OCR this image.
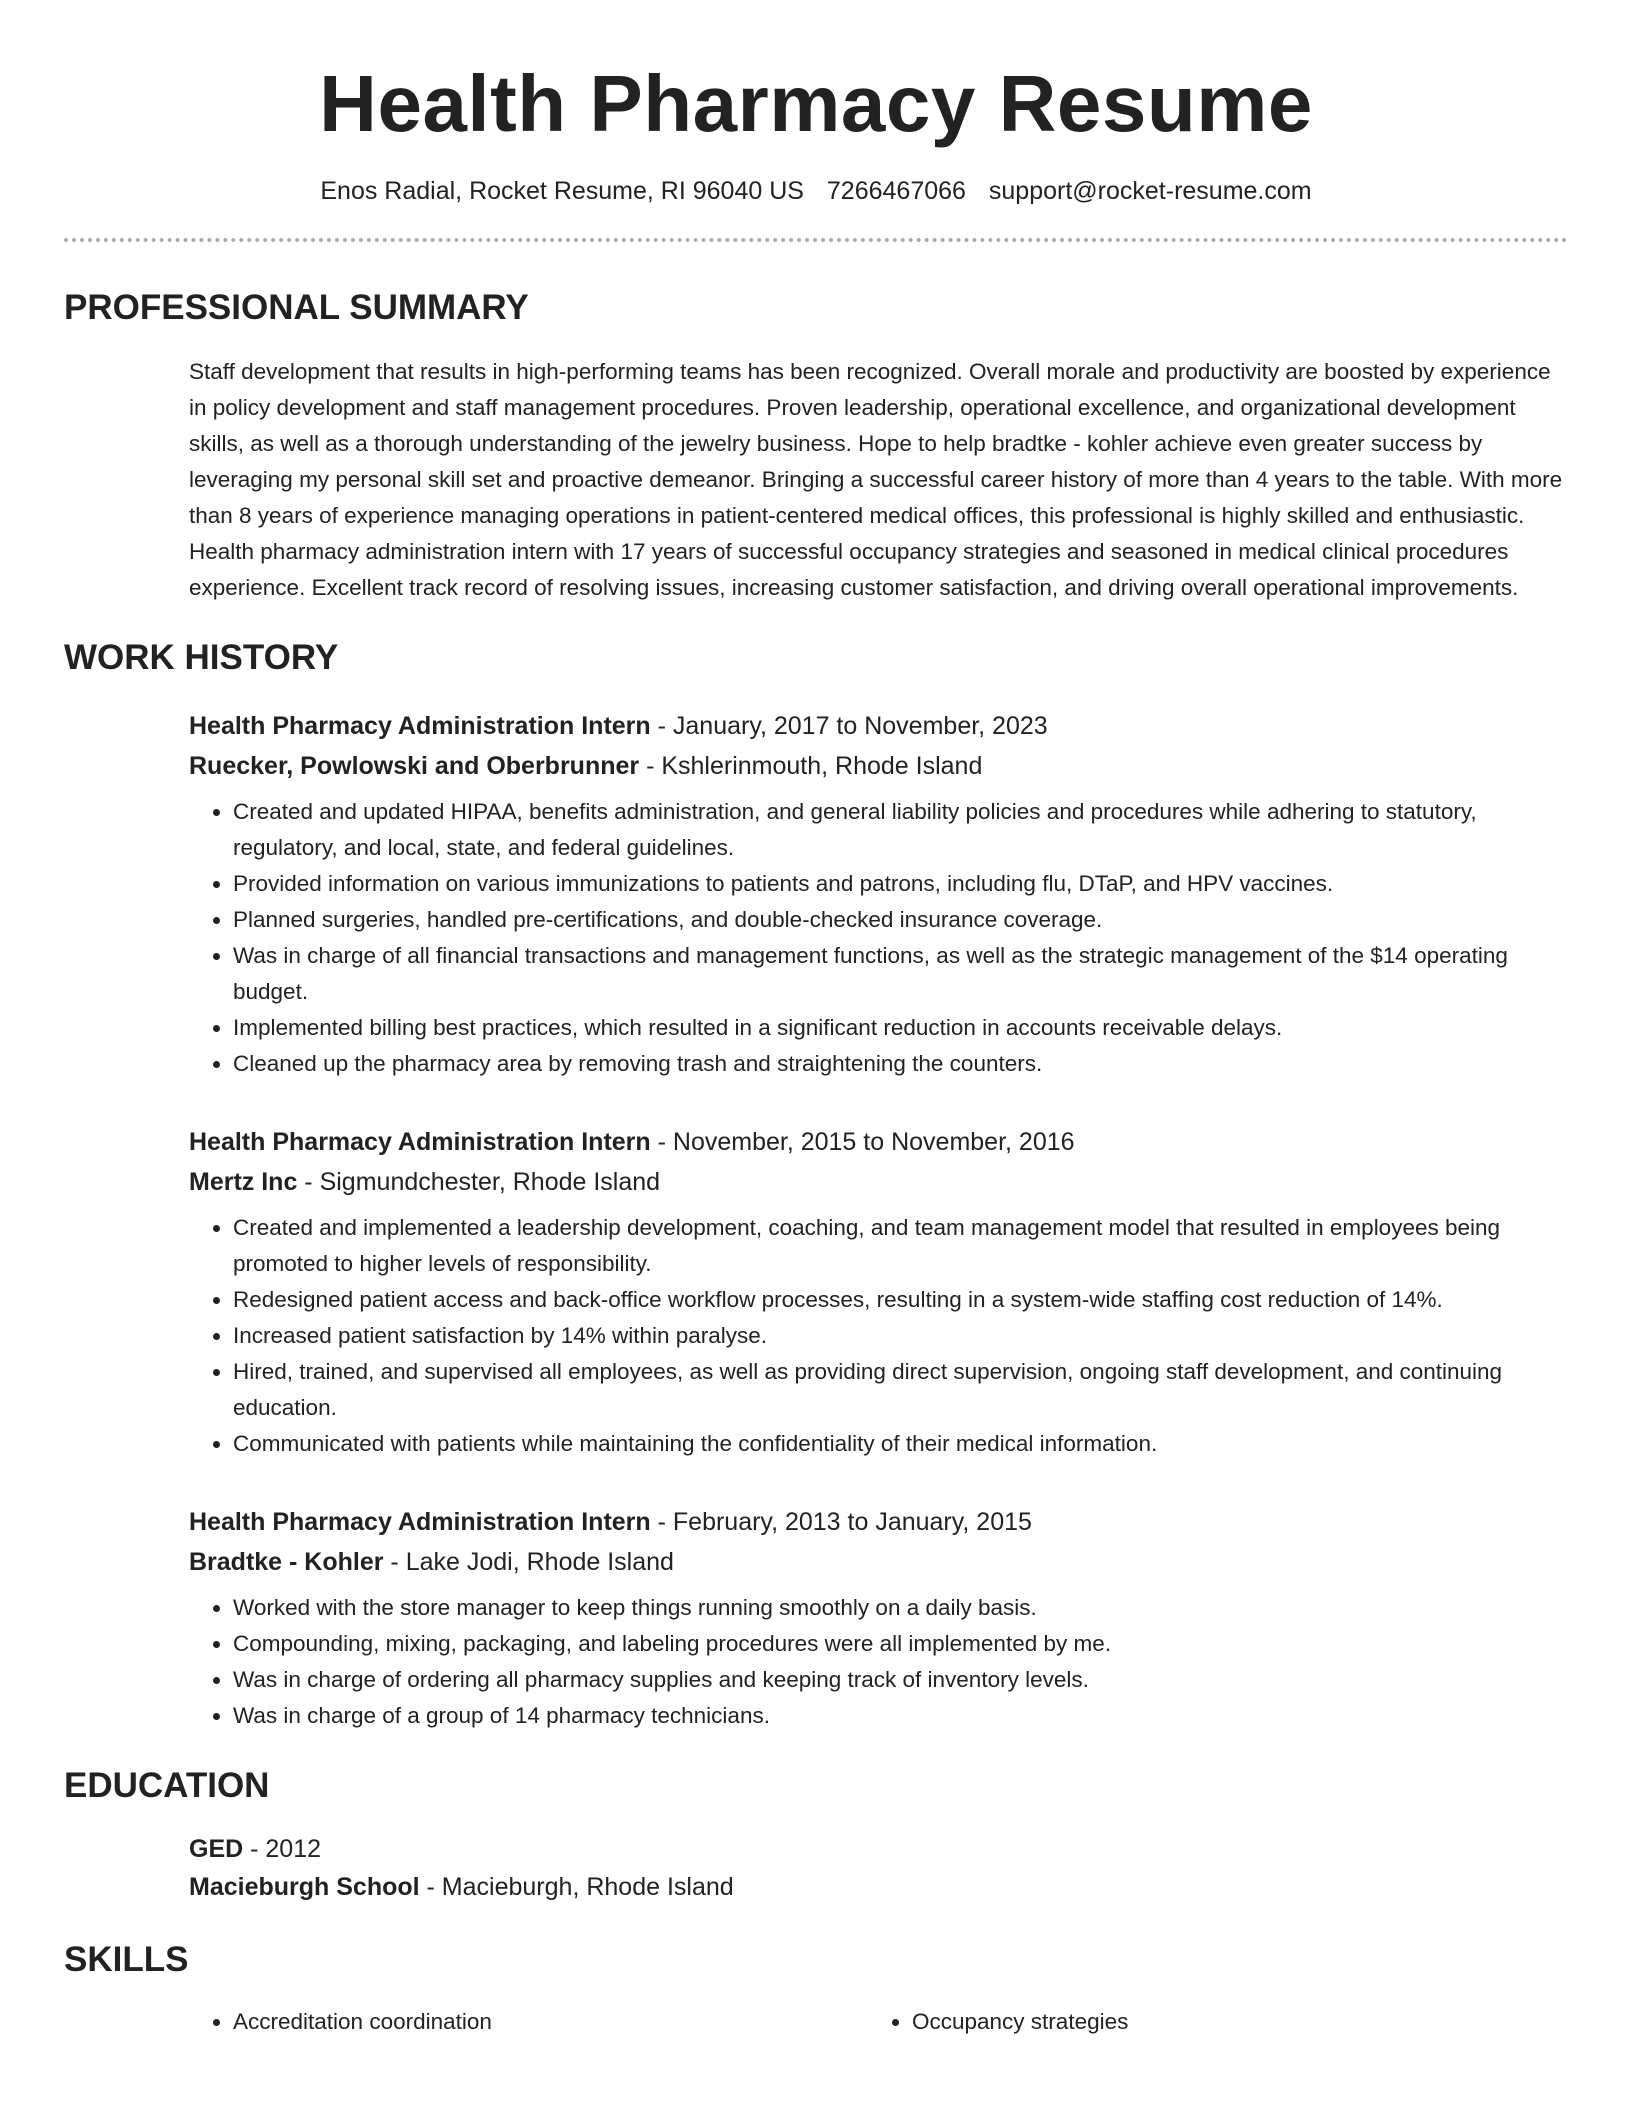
Health Pharmacy Resume
Enos Radial, Rocket Resume, RI 96040 US 7266467066 support@rocket-resume.com
PROFESSIONAL SUMMARY

Staff development that results in high-performing teams has been recognized. Overall morale and productivity are boosted by experience in policy development and staff management procedures. Proven leadership, operational excellence, and organizational development skills, as well as a thorough understanding of the jewelry business. Hope to help bradtke - kohler achieve even greater success by leveraging my personal skill set and proactive demeanor. Bringing a successful career history of more than 4 years to the table. With more than 8 years of experience managing operations in patient-centered medical offices, this professional is highly skilled and enthusiastic. Health pharmacy administration intern with 17 years of successful occupancy strategies and seasoned in medical clinical procedures experience. Excellent track record of resolving issues, increasing customer satisfaction, and driving overall operational improvements.

WORK HISTORY
Health Pharmacy Administration Intern - January, 2017 to November, 2023
Ruecker, Powlowski and Oberbrunner - Kshlerinmouth, Rhode Island
• Created and updated HIPAA, benefits administration, and general liability policies and procedures while adhering to statutory, regulatory, and local, state, and federal guidelines.
• Provided information on various immunizations to patients and patrons, including flu, DTaP, and HPV vaccines.
• Planned surgeries, handled pre-certifications, and double-checked insurance coverage.
• Was in charge of all financial transactions and management functions, as well as the strategic management of the $14 operating budget.
• Implemented billing best practices, which resulted in a significant reduction in accounts receivable delays.
• Cleaned up the pharmacy area by removing trash and straightening the counters.
Health Pharmacy Administration Intern - November, 2015 to November, 2016
Mertz Inc - Sigmundchester, Rhode Island
• Created and implemented a leadership development, coaching, and team management model that resulted in employees being promoted to higher levels of responsibility.
• Redesigned patient access and back-office workflow processes, resulting in a system-wide staffing cost reduction of 14%.
• Increased patient satisfaction by 14% within paralyse.
• Hired, trained, and supervised all employees, as well as providing direct supervision, ongoing staff development, and continuing education.
• Communicated with patients while maintaining the confidentiality of their medical information.
Health Pharmacy Administration Intern - February, 2013 to January, 2015
Bradtke - Kohler - Lake Jodi, Rhode Island
• Worked with the store manager to keep things running smoothly on a daily basis.
• Compounding, mixing, packaging, and labeling procedures were all implemented by me.
• Was in charge of ordering all pharmacy supplies and keeping track of inventory levels.
• Was in charge of a group of 14 pharmacy technicians.
EDUCATION
GED - 2012
Macieburgh School - Macieburgh, Rhode Island
SKILLS
• Accreditation coordination
•	Occupancy strategies
